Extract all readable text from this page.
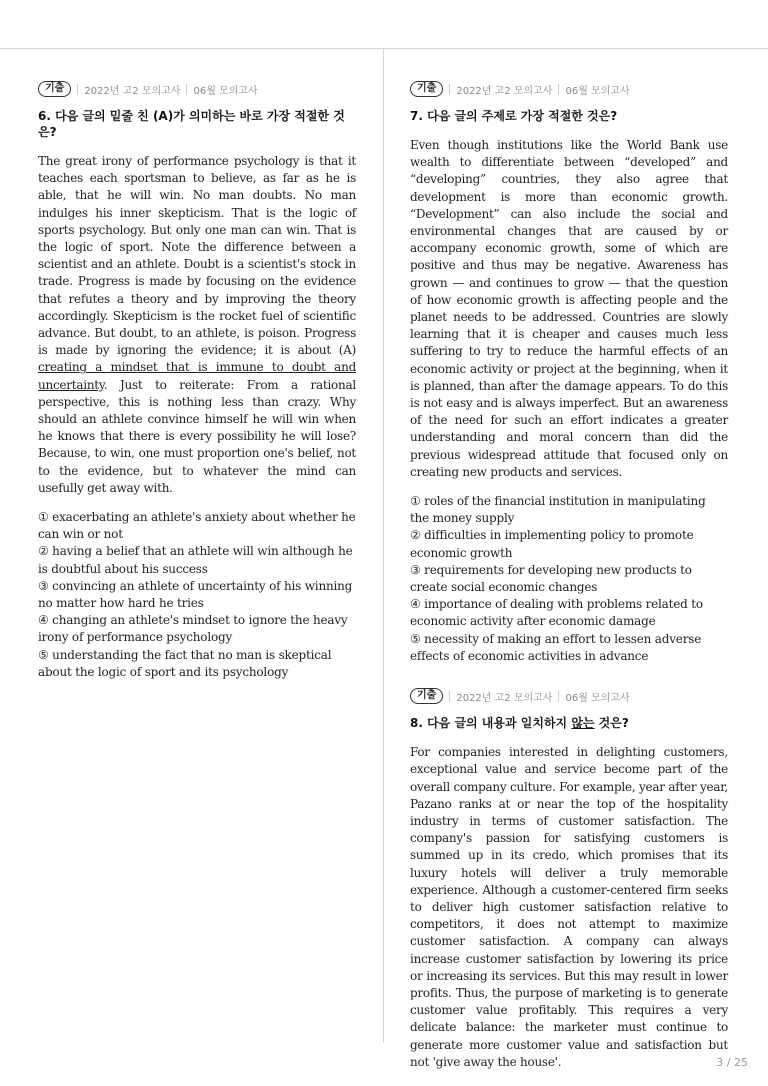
기출	2022년 고2 모의고사 06월 모의고사

6. 다음 글의 밑줄 친 (A)가 의미하는 바로 가장 적절한 것은?

The great irony of performance psychology is that it teaches each sportsman to believe, as far as he is able, that he will win. No man doubts. No man indulges his inner skepticism. That is the logic of sports psychology. But only one man can win. That is the logic of sport. Note the difference between a scientist and an athlete. Doubt is a scientist's stock in trade. Progress is made by focusing on the evidence that refutes a theory and by improving the theory accordingly. Skepticism is the rocket fuel of scientific advance. But doubt, to an athlete, is poison. Progress is made by ignoring the evidence; it is about (A) creating a mindset that is immune to doubt and uncertainty. Just to reiterate: From a rational perspective, this is nothing less than crazy. Why should an athlete convince himself he will win when he knows that there is every possibility he will lose? Because, to win, one must proportion one's belief, not to the evidence, but to whatever the mind can usefully get away with.

① exacerbating an athlete's anxiety about whether he can win or not
② having a belief that an athlete will win although he is doubtful about his success
③ convincing an athlete of uncertainty of his winning no matter how hard he tries
④ changing an athlete's mindset to ignore the heavy irony of performance psychology
⑤ understanding the fact that no man is skeptical about the logic of sport and its psychology
기출	2022년 고2 모의고사 06월 모의고사

7. 다음 글의 주제로 가장 적절한 것은?

Even though institutions like the World Bank use wealth to differentiate between “developed” and “developing” countries, they also agree that development is more than economic growth. “Development” can also include the social and environmental changes that are caused by or accompany economic growth, some of which are positive and thus may be negative. Awareness has grown — and continues to grow — that the question of how economic growth is affecting people and the planet needs to be addressed. Countries are slowly learning that it is cheaper and causes much less suffering to try to reduce the harmful effects of an economic activity or project at the beginning, when it is planned, than after the damage appears. To do this is not easy and is always imperfect. But an awareness of the need for such an effort indicates a greater understanding and moral concern than did the previous widespread attitude that focused only on creating new products and services.

① roles of the financial institution in manipulating the money supply
② difficulties in implementing policy to promote economic growth
③ requirements for developing new products to create social economic changes
④ importance of dealing with problems related to economic activity after economic damage
⑤ necessity of making an effort to lessen adverse effects of economic activities in advance
기출	2022년 고2 모의고사 06월 모의고사

8. 다음 글의 내용과 일치하지 않는 것은?

For companies interested in delighting customers, exceptional value and service become part of the overall company culture. For example, year after year, Pazano ranks at or near the top of the hospitality industry in terms of customer satisfaction. The company's passion for satisfying customers is summed up in its credo, which promises that its luxury hotels will deliver a truly memorable experience. Although a customer-centered firm seeks to deliver high customer satisfaction relative to competitors, it does not attempt to maximize customer satisfaction. A company can always increase customer satisfaction by lowering its price or increasing its services. But this may result in lower profits. Thus, the purpose of marketing is to generate customer value profitably. This requires a very delicate balance: the marketer must continue to generate more customer value and satisfaction but not 'give away the house'.	3 / 25
